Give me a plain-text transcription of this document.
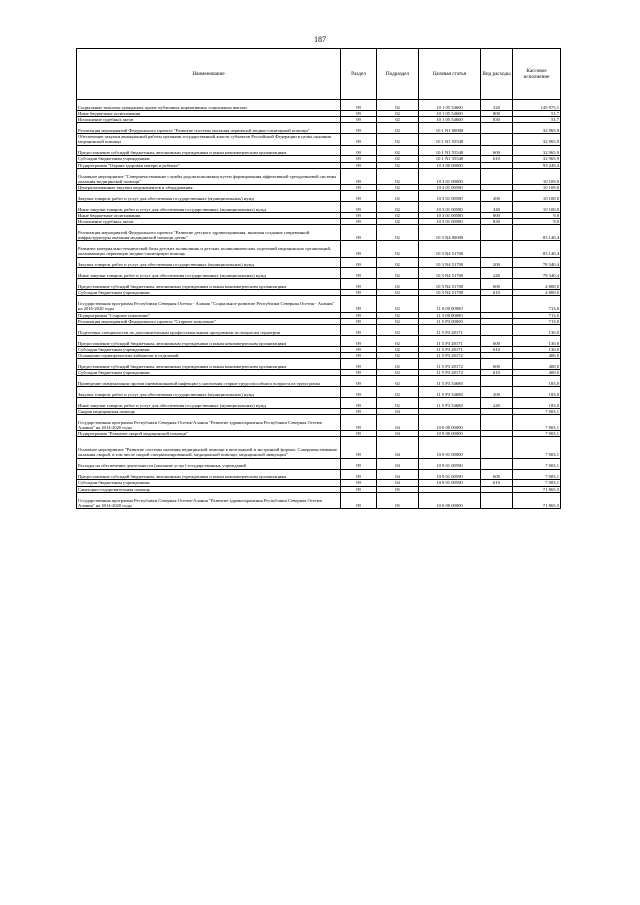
187
Наименование	Раздел	Подраздел	Целевая статья	Вид расходы	Кассовое исполнение
Социальные выплаты гражданам, кроме публичных нормативных социальных выплат	09	02	10 1 05 54600	320	145 975,1
Иные бюджетные ассигнования	09	02	10 1 05 54600	800	51,7
Исполнение судебных актов	09	02	10 1 05 54600	830	51,7
Реализация мероприятий Федерального проекта "Развитие системы оказания первичной медико-санитарной помощи"	09	02	10 1 N1 00000		32 965,9
Обеспечение закупки авиационной работы органами государственной власти субъектов Российской Федерации в целях оказания медицинской помощи	09	02	10 1 N1 55540		32 965,9
Предоставление субсидий бюджетным, автономным учреждениям и иным некоммерческим организациям	09	02	10 1 N1 55540	600	32 965,9
Субсидии бюджетным учреждениям	09	02	10 1 N1 55540	610	32 965,9
Подпрограмма "Охрана здоровья матери и ребенка"	09	02	10 3 00 00000		93 249,4
Основное мероприятие "Совершенствование службы родовспоможения путем формирования эффективной трехуровневой системы оказания медицинской помощи"	09	02	10 3 01 00000		10 109,0
Централизованные закупки медикаментов и оборудования	09	02	10 3 01 00580		10 109,0
Закупка товаров, работ и услуг для обеспечения государственных (муниципальных) нужд	09	02	10 3 01 00580	200	10 100,0
Иные закупки товаров, работ и услуг для обеспечения государственных (муниципальных) нужд	09	02	10 3 01 00580	240	10 100,0
Иные бюджетные ассигнования	09	02	10 3 01 00580	800	9,0
Исполнение судебных актов	09	02	10 3 01 00580	830	9,0
Реализация мероприятий Федерального проекта "Развитие детского здравоохранения, включая создание современной инфраструктуры оказания медицинской помощи детям"	09	02	10 3 N4 00000		83 140,4
Развитие материально-технической базы детских поликлиник и детских поликлинических отделений медицинских организаций, оказывающих первичную медико-санитарную помощь	09	02	10 3 N4 51700		83 140,4
Закупка товаров, работ и услуг для обеспечения государственных (муниципальных) нужд	09	02	10 3 N4 51700	200	78 340,4
Иные закупки товаров, работ и услуг для обеспечения государственных (муниципальных) нужд	09	02	10 3 N4 51700	240	78 340,4
Предоставление субсидий бюджетным, автономным учреждениям и иным некоммерческим организациям	09	02	10 3 N4 51700	600	4 800,0
Субсидии бюджетным учреждениям	09	02	10 3 N4 51700	610	4 800,0
Государственная программа Республики Северная Осетия - Алания "Социальное развитие Республики Северная Осетия - Алания" на 2016-2020 годы	09	02	11 0 00 00000		713,0
Подпрограмма "Старшее поколение"	09	02	11 5 00 00000		713,0
Реализация мероприятий Федерального проекта "Старшее поколение"	09	02	11 5 P3 00000		713,0
Подготовка специалистов по дополнительным профессиональным программам по вопросам гериатрии	09	02	11 5 P3 28171		130,0
Предоставление субсидий бюджетным, автономным учреждениям и иным некоммерческим организациям	09	02	11 5 P3 28171	600	130,0
Субсидии бюджетным учреждениям	09	02	11 5 P3 28171	610	130,0
Оснащение гериатрических кабинетов и отделений	09	02	11 5 P3 28172		400,0
Предоставление субсидий бюджетным, автономным учреждениям и иным некоммерческим организациям	09	02	11 5 P3 28172	600	400,0
Субсидии бюджетным учреждениям	09	02	11 5 P3 28172	610	400,0
Проведение иммунизации против пневмококковой инфекции у населения старше трудоспособного возраста из групп риска	09	02	11 5 P3 54680		183,0
Закупка товаров, работ и услуг для обеспечения государственных (муниципальных) нужд	09	02	11 5 P3 54680	200	183,0
Иные закупки товаров, работ и услуг для обеспечения государственных (муниципальных) нужд	09	02	11 5 P3 54680	240	183,0
Скорая медицинская помощь	09	04			7 003,1
Государственная программа Республики Северная Осетия-Алания "Развитие здравоохранения Республики Северная Осетия-Алания" на 2014-2020 годы	09	04	10 0 00 00000		7 003,1
Подпрограмма "Развитие скорой медицинской помощи"	09	04	10 9 00 00000		7 003,1
Основное мероприятие "Развитие системы оказания медицинской помощи в неотложной и экстренной формах. Совершенствование оказания скорой, в том числе скорой специализированной, медицинской помощи, медицинской эвакуации"	09	04	10 9 01 00000		7 003,1
Расходы на обеспечение деятельности (оказание услуг) государственных учреждений	09	04	10 9 01 00590		7 003,1
Предоставление субсидий бюджетным, автономным учреждениям и иным некоммерческим организациям	09	04	10 9 01 00590	600	7 003,1
Субсидии бюджетным учреждениям	09	04	10 9 01 00590	610	7 003,1
Санаторно-оздоровительная помощь	09	05			71 865,5
Государственная программа Республики Северная Осетия-Алания "Развитие здравоохранения Республики Северная Осетия-Алания" на 2014-2020 годы	09	05	10 0 00 00000		71 865,5
